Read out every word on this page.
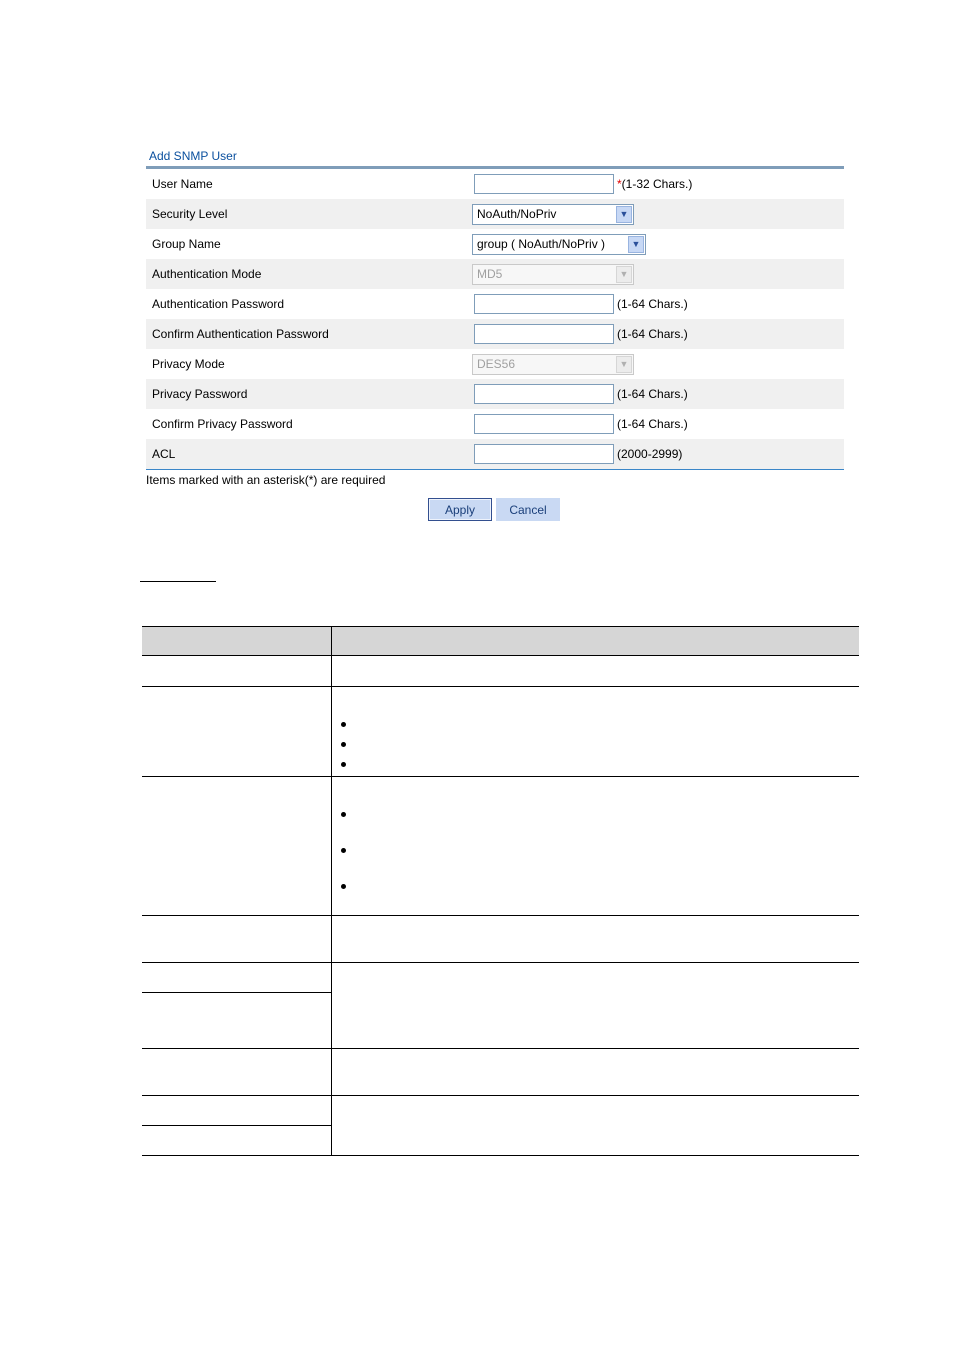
Add SNMP User
User Name	*(1-32 Chars.)
Security Level	NoAuth/NoPriv	▼
Group Name	group ( NoAuth/NoPriv )	▼
Authentication Mode	MD5	▼
Authentication Password	(1-64 Chars.)
Confirm Authentication Password	(1-64 Chars.)
Privacy Mode	DES56	▼
Privacy Password	(1-64 Chars.)
Confirm Privacy Password	(1-64 Chars.)
ACL	(2000-2999)
Items marked with an asterisk(*) are required
Apply	Cancel
